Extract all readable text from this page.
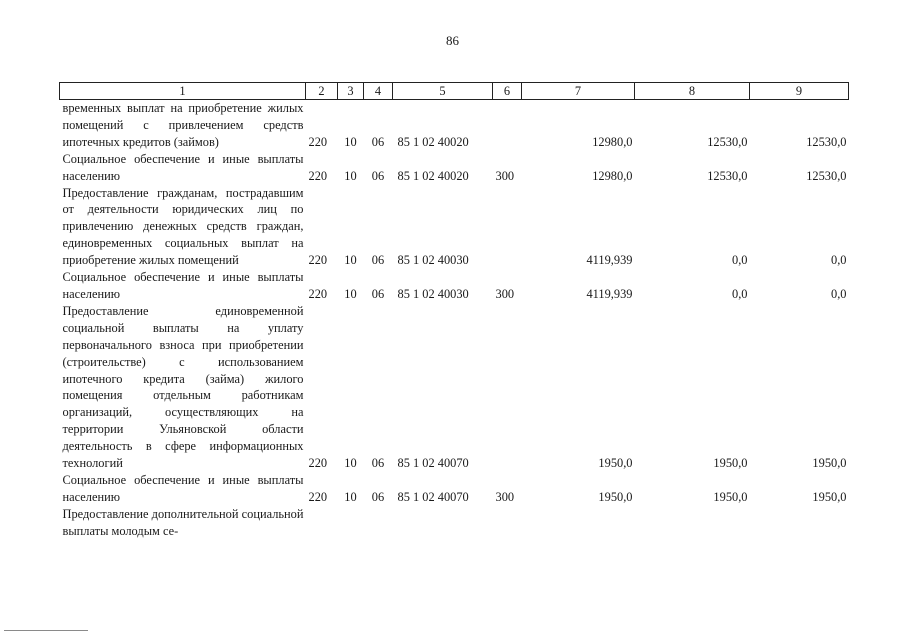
86
1	2	3	4	5	6	7	8	9
временных выплат на приобретение жилых помещений с привлечением средств ипотечных кредитов (займов)	220	10	06	85 1 02 40020		12980,0	12530,0	12530,0
Социальное обеспечение и иные выплаты населению	220	10	06	85 1 02 40020	300	12980,0	12530,0	12530,0
Предоставление гражданам, пострадавшим от деятельности юридических лиц по привлечению денежных средств граждан, единовременных социальных выплат на приобретение жилых помещений	220	10	06	85 1 02 40030		4119,939	0,0	0,0
Социальное обеспечение и иные выплаты населению	220	10	06	85 1 02 40030	300	4119,939	0,0	0,0
Предоставление единовременной социальной выплаты на уплату первоначального взноса при приобретении (строительстве) с использованием ипотечного кредита (займа) жилого помещения отдельным работникам организаций, осуществляющих на территории Ульяновской области деятельность в сфере информационных технологий	220	10	06	85 1 02 40070		1950,0	1950,0	1950,0
Социальное обеспечение и иные выплаты населению	220	10	06	85 1 02 40070	300	1950,0	1950,0	1950,0
Предоставление дополнительной социальной выплаты молодым се-								
